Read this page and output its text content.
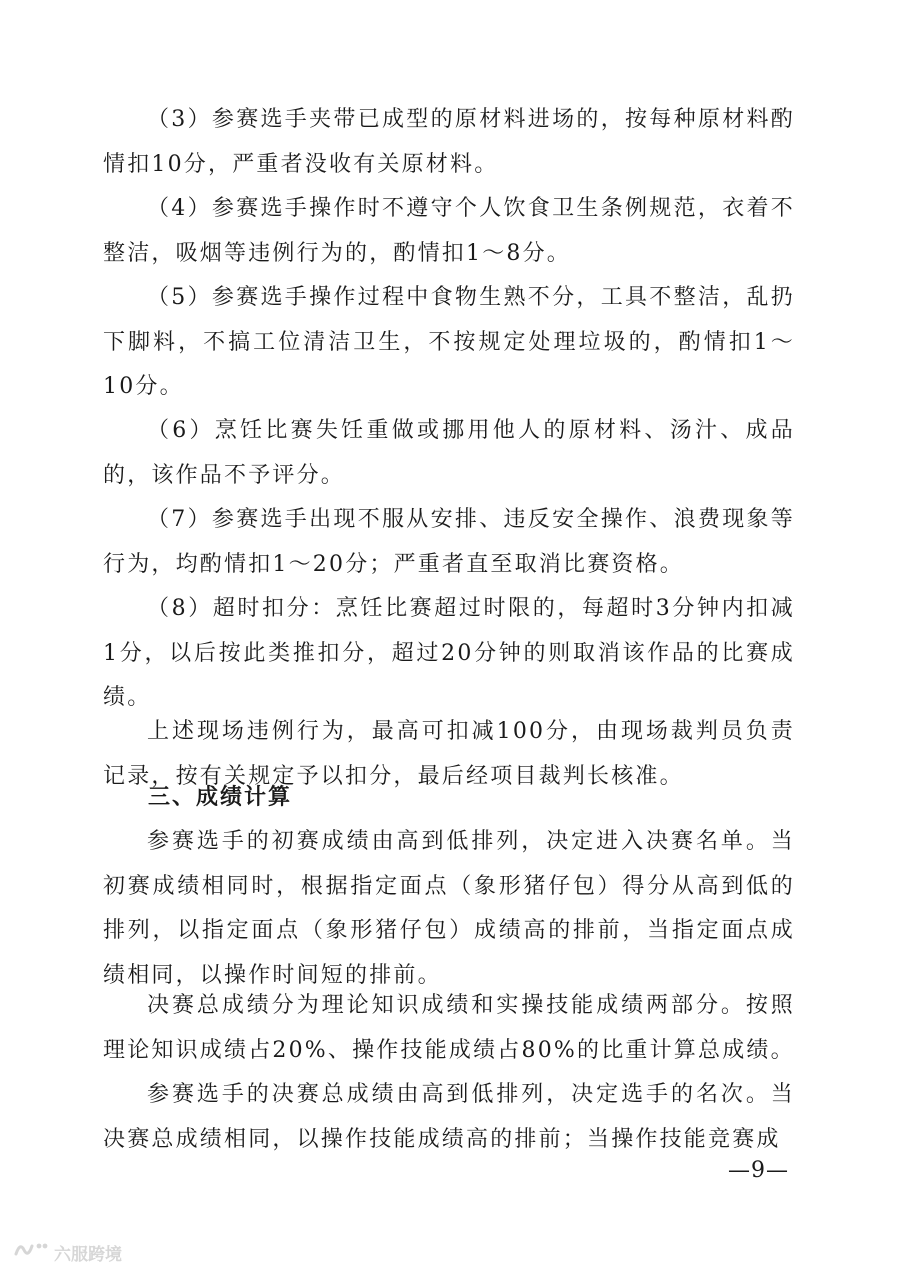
（3）参赛选手夹带已成型的原材料进场的，按每种原材料酌情扣10分，严重者没收有关原材料。

（4）参赛选手操作时不遵守个人饮食卫生条例规范，衣着不整洁，吸烟等违例行为的，酌情扣1～8分。

（5）参赛选手操作过程中食物生熟不分，工具不整洁，乱扔下脚料，不搞工位清洁卫生，不按规定处理垃圾的，酌情扣1～10分。

（6）烹饪比赛失饪重做或挪用他人的原材料、汤汁、成品的，该作品不予评分。

（7）参赛选手出现不服从安排、违反安全操作、浪费现象等行为，均酌情扣1～20分；严重者直至取消比赛资格。

（8）超时扣分：烹饪比赛超过时限的，每超时3分钟内扣减1分，以后按此类推扣分，超过20分钟的则取消该作品的比赛成绩。

上述现场违例行为，最高可扣减100分，由现场裁判员负责记录，按有关规定予以扣分，最后经项目裁判长核准。

三、成绩计算

参赛选手的初赛成绩由高到低排列，决定进入决赛名单。当初赛成绩相同时，根据指定面点（象形猪仔包）得分从高到低的排列，以指定面点（象形猪仔包）成绩高的排前，当指定面点成绩相同，以操作时间短的排前。

决赛总成绩分为理论知识成绩和实操技能成绩两部分。按照理论知识成绩占20%、操作技能成绩占80%的比重计算总成绩。

参赛选手的决赛总成绩由高到低排列，决定选手的名次。当决赛总成绩相同，以操作技能成绩高的排前；当操作技能竞赛成

—9—
六服跨境
